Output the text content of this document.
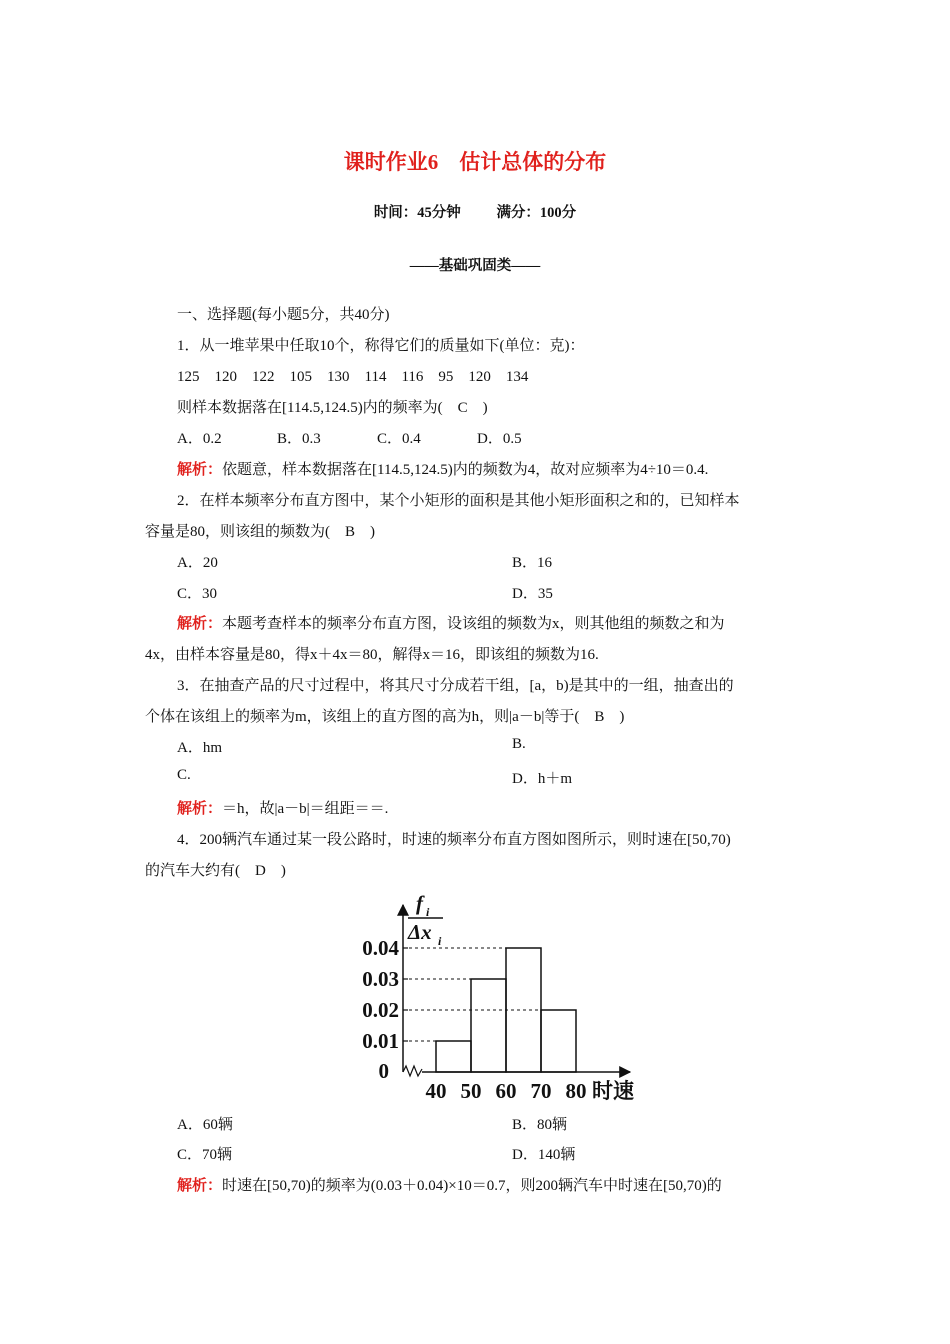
课时作业6　估计总体的分布
时间：45分钟 满分：100分
——基础巩固类——
一、选择题(每小题5分，共40分)
1．从一堆苹果中任取10个，称得它们的质量如下(单位：克)：
125　120　122　105　130　114　116　95　120　134
则样本数据落在[114.5,124.5)内的频率为(　C　)
A．0.2	B．0.3	C．0.4	D．0.5
解析：依题意，样本数据落在[114.5,124.5)内的频数为4，故对应频率为4÷10＝0.4.
2．在样本频率分布直方图中，某个小矩形的面积是其他小矩形面积之和的，已知样本
容量是80，则该组的频数为(　B　)
A．20	B．16
C．30	D．35
解析：本题考查样本的频率分布直方图，设该组的频数为x，则其他组的频数之和为
4x，由样本容量是80，得x＋4x＝80，解得x＝16，即该组的频数为16.
3．在抽查产品的尺寸过程中，将其尺寸分成若干组，[a，b)是其中的一组，抽查出的
个体在该组上的频率为m，该组上的直方图的高为h，则|a－b|等于(　B　)
A．hm	B.
C.	D．h＋m
解析：＝h，故|a－b|＝组距＝＝.
4．200辆汽车通过某一段公路时，时速的频率分布直方图如图所示，则时速在[50,70)
的汽车大约有(　D　)
0.04
0.03
0.02
0.01
0
40 50 60 70 80 时速
f i
Δx i
A．60辆	B．80辆
C．70辆	D．140辆
解析：时速在[50,70)的频率为(0.03＋0.04)×10＝0.7，则200辆汽车中时速在[50,70)的
